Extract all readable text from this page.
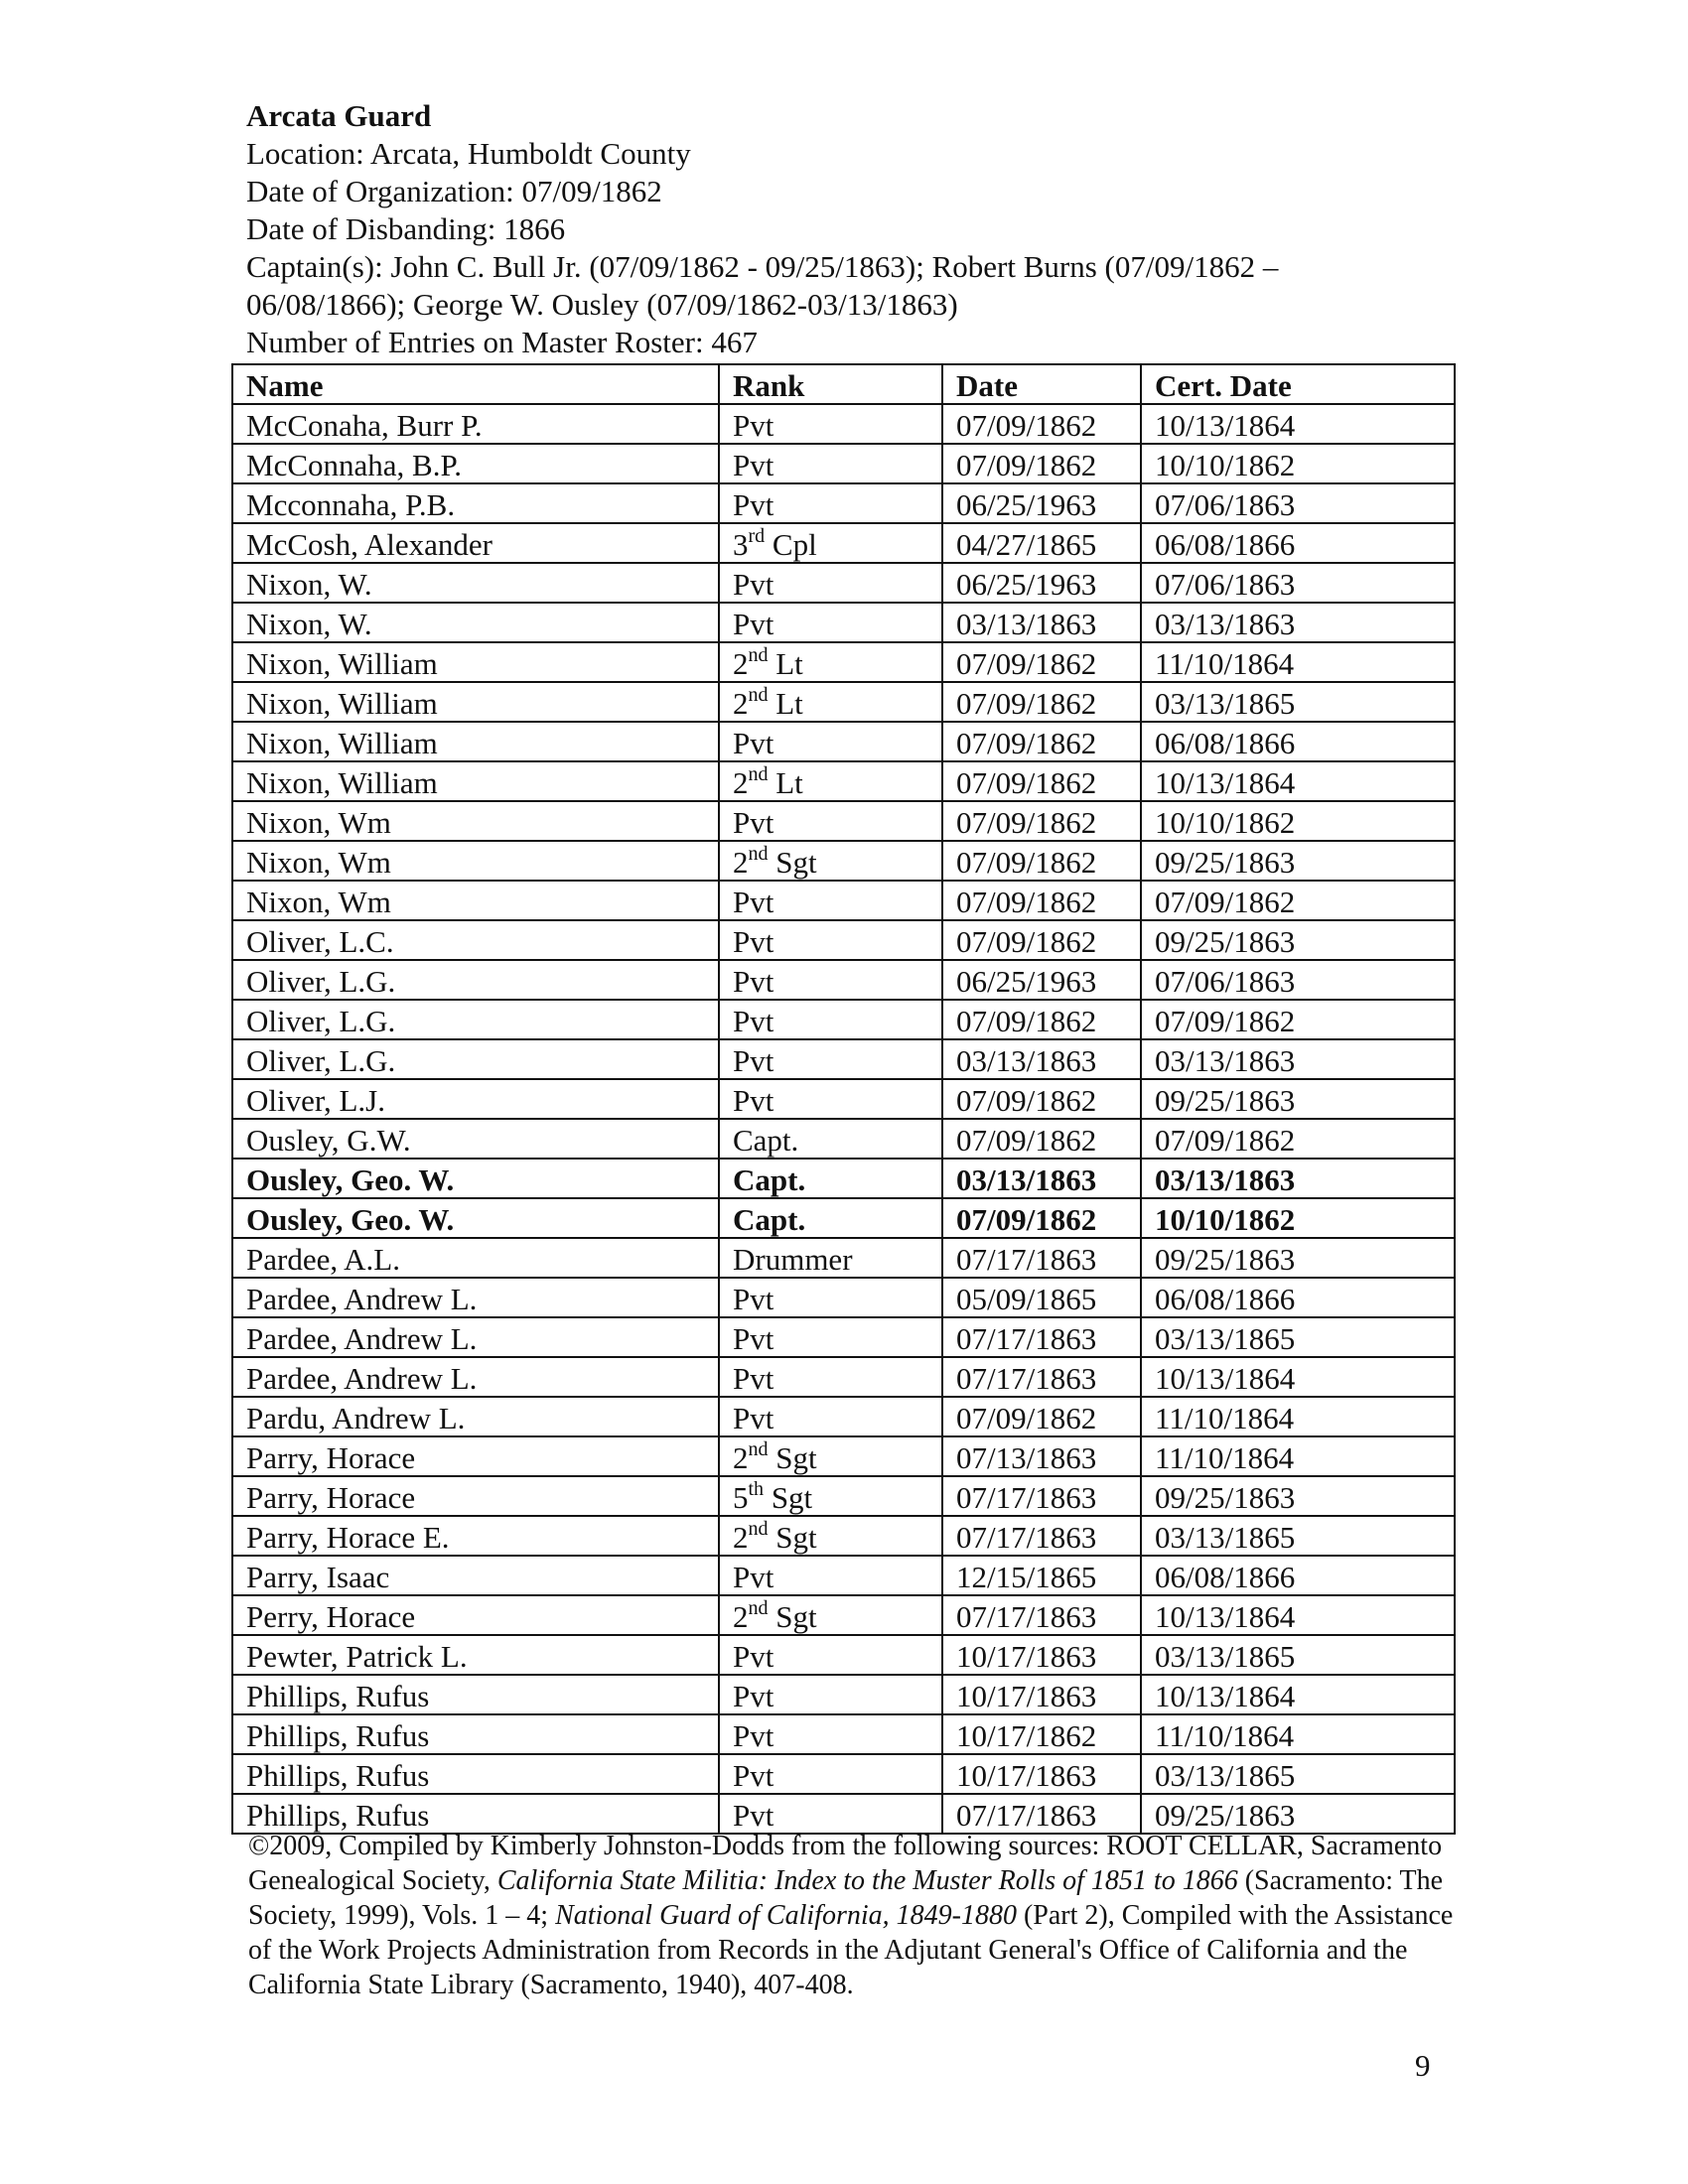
Arcata Guard
Location: Arcata, Humboldt County
Date of Organization: 07/09/1862
Date of Disbanding: 1866
Captain(s): John C. Bull Jr. (07/09/1862 - 09/25/1863); Robert Burns (07/09/1862 –
06/08/1866); George W. Ousley (07/09/1862-03/13/1863)
Number of Entries on Master Roster: 467
Name	Rank	Date	Cert. Date
McConaha, Burr P.	Pvt	07/09/1862	10/13/1864
McConnaha, B.P.	Pvt	07/09/1862	10/10/1862
Mcconnaha, P.B.	Pvt	06/25/1963	07/06/1863
McCosh, Alexander	3rd Cpl	04/27/1865	06/08/1866
Nixon, W.	Pvt	06/25/1963	07/06/1863
Nixon, W.	Pvt	03/13/1863	03/13/1863
Nixon, William	2nd Lt	07/09/1862	11/10/1864
Nixon, William	2nd Lt	07/09/1862	03/13/1865
Nixon, William	Pvt	07/09/1862	06/08/1866
Nixon, William	2nd Lt	07/09/1862	10/13/1864
Nixon, Wm	Pvt	07/09/1862	10/10/1862
Nixon, Wm	2nd Sgt	07/09/1862	09/25/1863
Nixon, Wm	Pvt	07/09/1862	07/09/1862
Oliver, L.C.	Pvt	07/09/1862	09/25/1863
Oliver, L.G.	Pvt	06/25/1963	07/06/1863
Oliver, L.G.	Pvt	07/09/1862	07/09/1862
Oliver, L.G.	Pvt	03/13/1863	03/13/1863
Oliver, L.J.	Pvt	07/09/1862	09/25/1863
Ousley, G.W.	Capt.	07/09/1862	07/09/1862
Ousley, Geo. W.	Capt.	03/13/1863	03/13/1863
Ousley, Geo. W.	Capt.	07/09/1862	10/10/1862
Pardee, A.L.	Drummer	07/17/1863	09/25/1863
Pardee, Andrew L.	Pvt	05/09/1865	06/08/1866
Pardee, Andrew L.	Pvt	07/17/1863	03/13/1865
Pardee, Andrew L.	Pvt	07/17/1863	10/13/1864
Pardu, Andrew L.	Pvt	07/09/1862	11/10/1864
Parry, Horace	2nd Sgt	07/13/1863	11/10/1864
Parry, Horace	5th Sgt	07/17/1863	09/25/1863
Parry, Horace E.	2nd Sgt	07/17/1863	03/13/1865
Parry, Isaac	Pvt	12/15/1865	06/08/1866
Perry, Horace	2nd Sgt	07/17/1863	10/13/1864
Pewter, Patrick L.	Pvt	10/17/1863	03/13/1865
Phillips, Rufus	Pvt	10/17/1863	10/13/1864
Phillips, Rufus	Pvt	10/17/1862	11/10/1864
Phillips, Rufus	Pvt	10/17/1863	03/13/1865
Phillips, Rufus	Pvt	07/17/1863	09/25/1863
©2009, Compiled by Kimberly Johnston-Dodds from the following sources: ROOT CELLAR, Sacramento Genealogical Society, California State Militia: Index to the Muster Rolls of 1851 to 1866 (Sacramento: The Society, 1999), Vols. 1 – 4; National Guard of California, 1849-1880 (Part 2), Compiled with the Assistance of the Work Projects Administration from Records in the Adjutant General's Office of California and the California State Library (Sacramento, 1940), 407-408.
9
